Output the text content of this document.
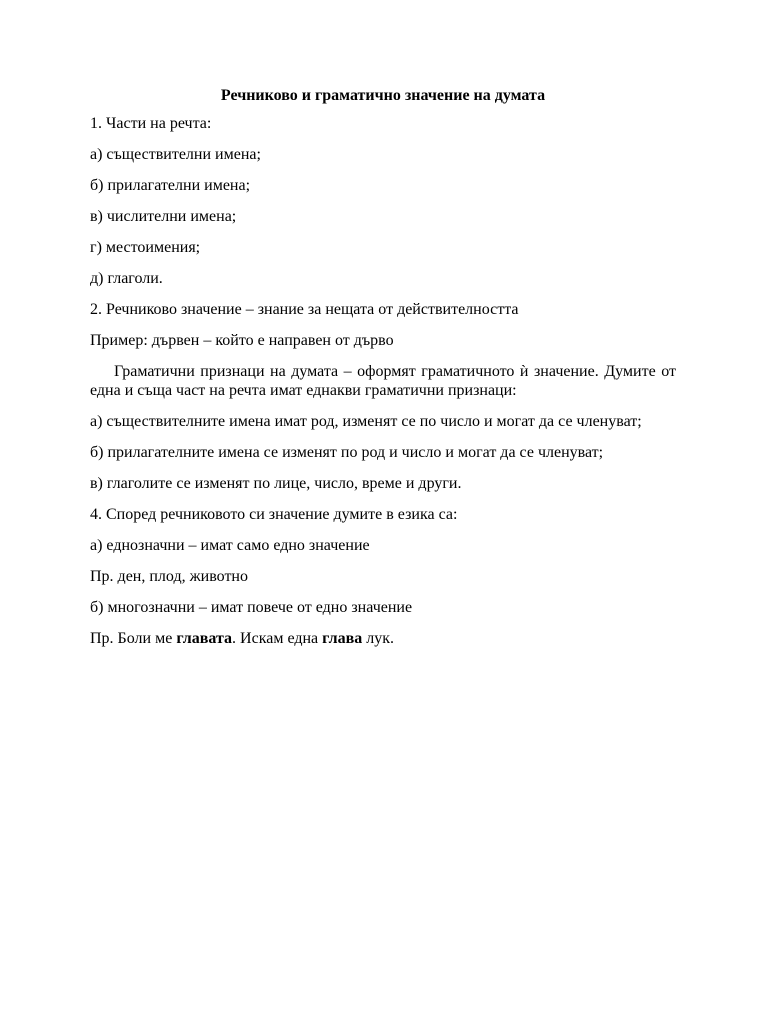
Речниково и граматично значение на думата
1. Части на речта:
а) съществителни имена;
б) прилагателни имена;
в) числителни имена;
г) местоимения;
д) глаголи.
2. Речниково значение – знание за нещата от действителността
Пример: дървен – който е направен от дърво
Граматични признаци на думата – оформят граматичното ѝ значение. Думите от една и съща част на речта имат еднакви граматични признаци:
а) съществителните имена имат род, изменят се по число и могат да се членуват;
б) прилагателните имена се изменят по род и число и могат да се членуват;
в) глаголите се изменят по лице, число, време и други.
4. Според речниковото си значение думите в езика са:
а) еднозначни – имат само едно значение
Пр. ден, плод, животно
б) многозначни – имат повече от едно значение
Пр. Боли ме главата. Искам една глава лук.
